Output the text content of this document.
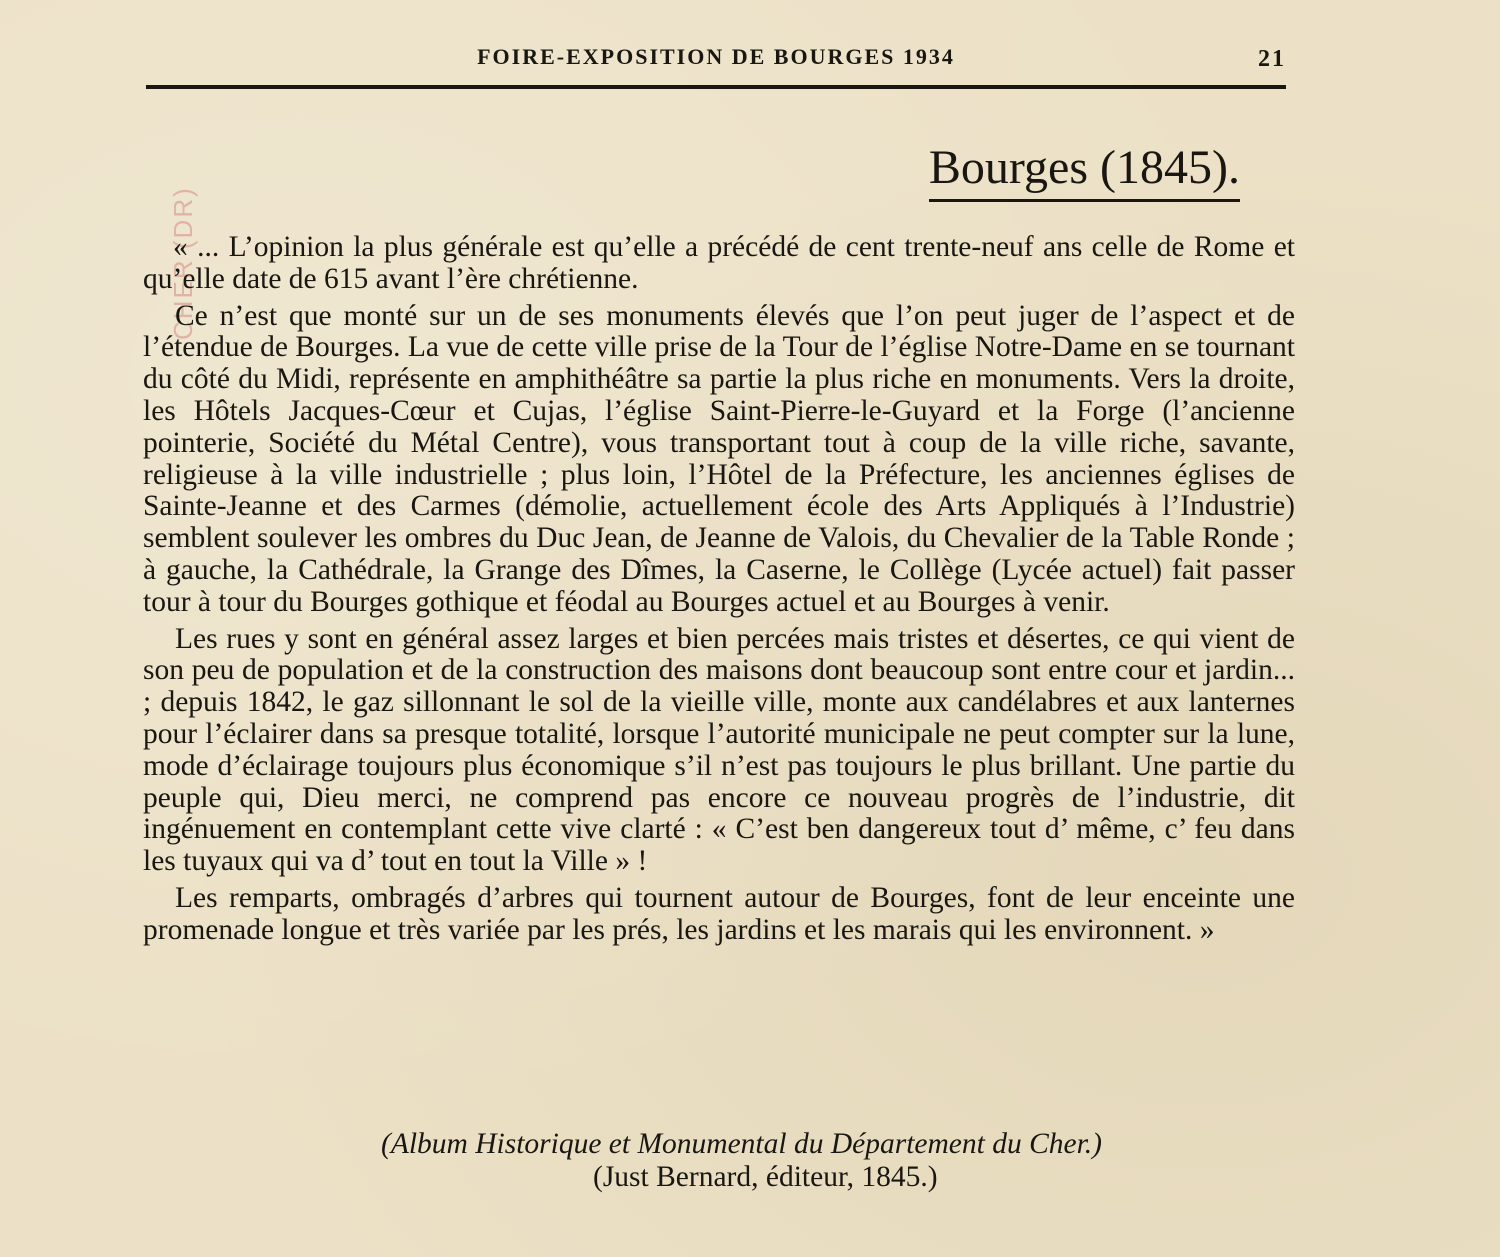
FOIRE-EXPOSITION DE BOURGES 1934	21
CHER (DR)
Bourges (1845).

« ... L’opinion la plus générale est qu’elle a précédé de cent trente-neuf ans celle de Rome et qu’elle date de 615 avant l’ère chrétienne.

Ce n’est que monté sur un de ses monuments élevés que l’on peut juger de l’aspect et de l’étendue de Bourges. La vue de cette ville prise de la Tour de l’église Notre-Dame en se tournant du côté du Midi, représente en amphithéâtre sa partie la plus riche en monuments. Vers la droite, les Hôtels Jacques-Cœur et Cujas, l’église Saint-Pierre-le-Guyard et la Forge (l’ancienne pointerie, Société du Métal Centre), vous transportant tout à coup de la ville riche, savante, religieuse à la ville industrielle ; plus loin, l’Hôtel de la Préfecture, les anciennes églises de Sainte-Jeanne et des Carmes (démolie, actuellement école des Arts Appliqués à l’Industrie) semblent soulever les ombres du Duc Jean, de Jeanne de Valois, du Chevalier de la Table Ronde ; à gauche, la Cathédrale, la Grange des Dîmes, la Caserne, le Collège (Lycée actuel) fait passer tour à tour du Bourges gothique et féodal au Bourges actuel et au Bourges à venir.

Les rues y sont en général assez larges et bien percées mais tristes et désertes, ce qui vient de son peu de population et de la construction des maisons dont beaucoup sont entre cour et jardin... ; depuis 1842, le gaz sillonnant le sol de la vieille ville, monte aux candélabres et aux lanternes pour l’éclairer dans sa presque totalité, lorsque l’autorité municipale ne peut compter sur la lune, mode d’éclairage toujours plus économique s’il n’est pas toujours le plus brillant. Une partie du peuple qui, Dieu merci, ne comprend pas encore ce nouveau progrès de l’industrie, dit ingénuement en contemplant cette vive clarté : « C’est ben dangereux tout d’ même, c’ feu dans les tuyaux qui va d’ tout en tout la Ville » !

Les remparts, ombragés d’arbres qui tournent autour de Bourges, font de leur enceinte une promenade longue et très variée par les prés, les jardins et les marais qui les environnent. »

(Album Historique et Monumental du Département du Cher.)
(Just Bernard, éditeur, 1845.)
